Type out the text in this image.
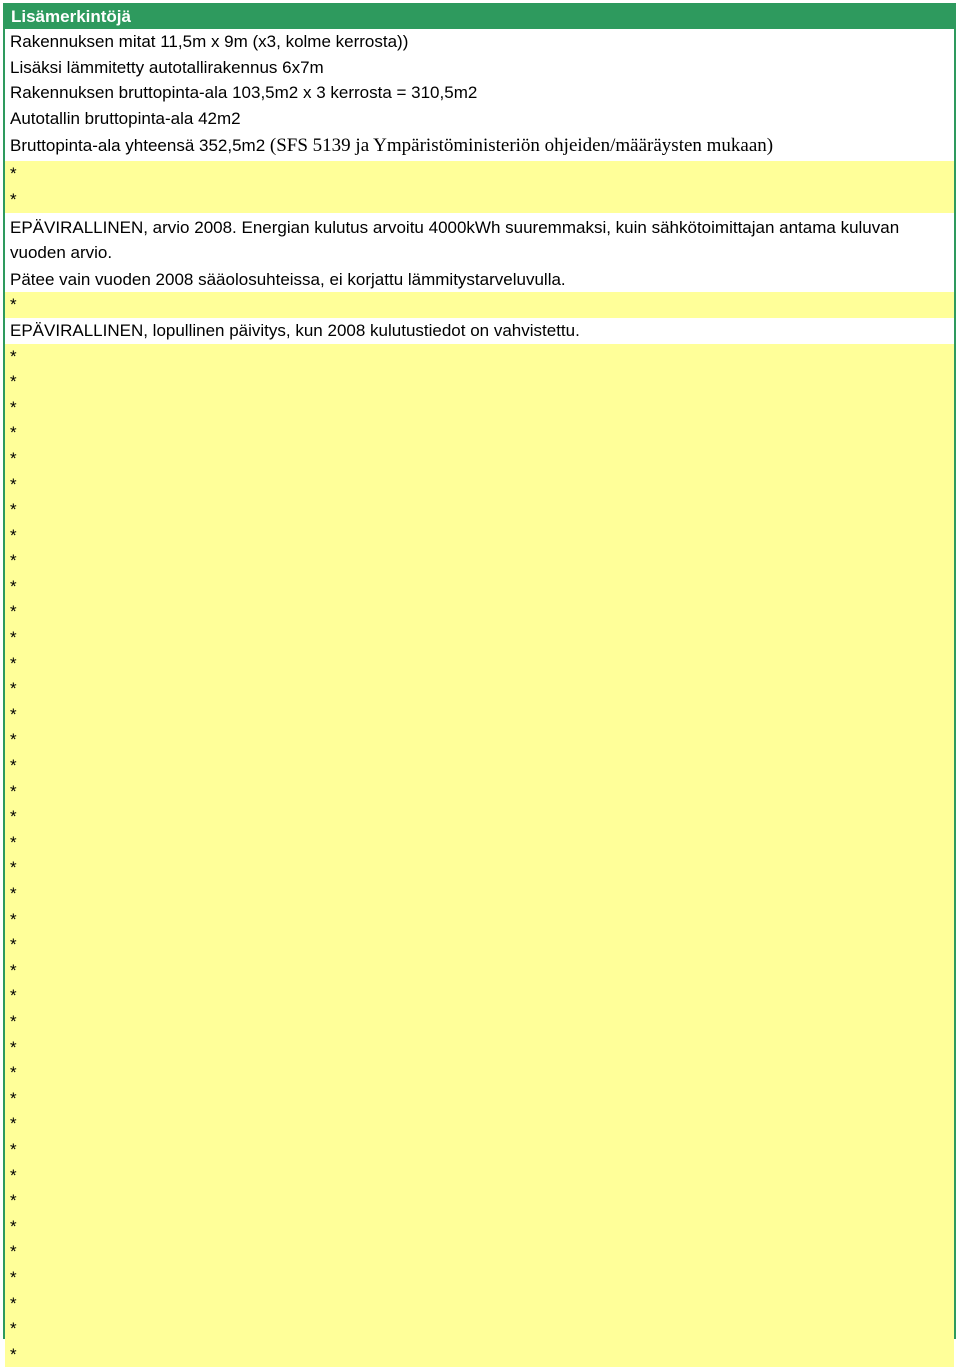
Lisämerkintöjä
Rakennuksen mitat 11,5m x 9m (x3, kolme kerrosta))
Lisäksi lämmitetty autotallirakennus 6x7m
Rakennuksen bruttopinta-ala 103,5m2 x 3 kerrosta = 310,5m2
Autotallin bruttopinta-ala 42m2
Bruttopinta-ala yhteensä 352,5m2 (SFS 5139 ja Ympäristöministeriön ohjeiden/määräysten mukaan)
*
*
EPÄVIRALLINEN, arvio 2008. Energian kulutus arvoitu 4000kWh suuremmaksi, kuin sähkötoimittajan antama kuluvan vuoden arvio.
Pätee vain vuoden 2008 sääolosuhteissa, ei korjattu lämmitystarveluvulla.
*
EPÄVIRALLINEN, lopullinen päivitys, kun 2008 kulutustiedot on vahvistettu.
*
*
*
*
*
*
*
*
*
*
*
*
*
*
*
*
*
*
*
*
*
*
*
*
*
*
*
*
*
*
*
*
*
*
*
*
*
*
*
*
